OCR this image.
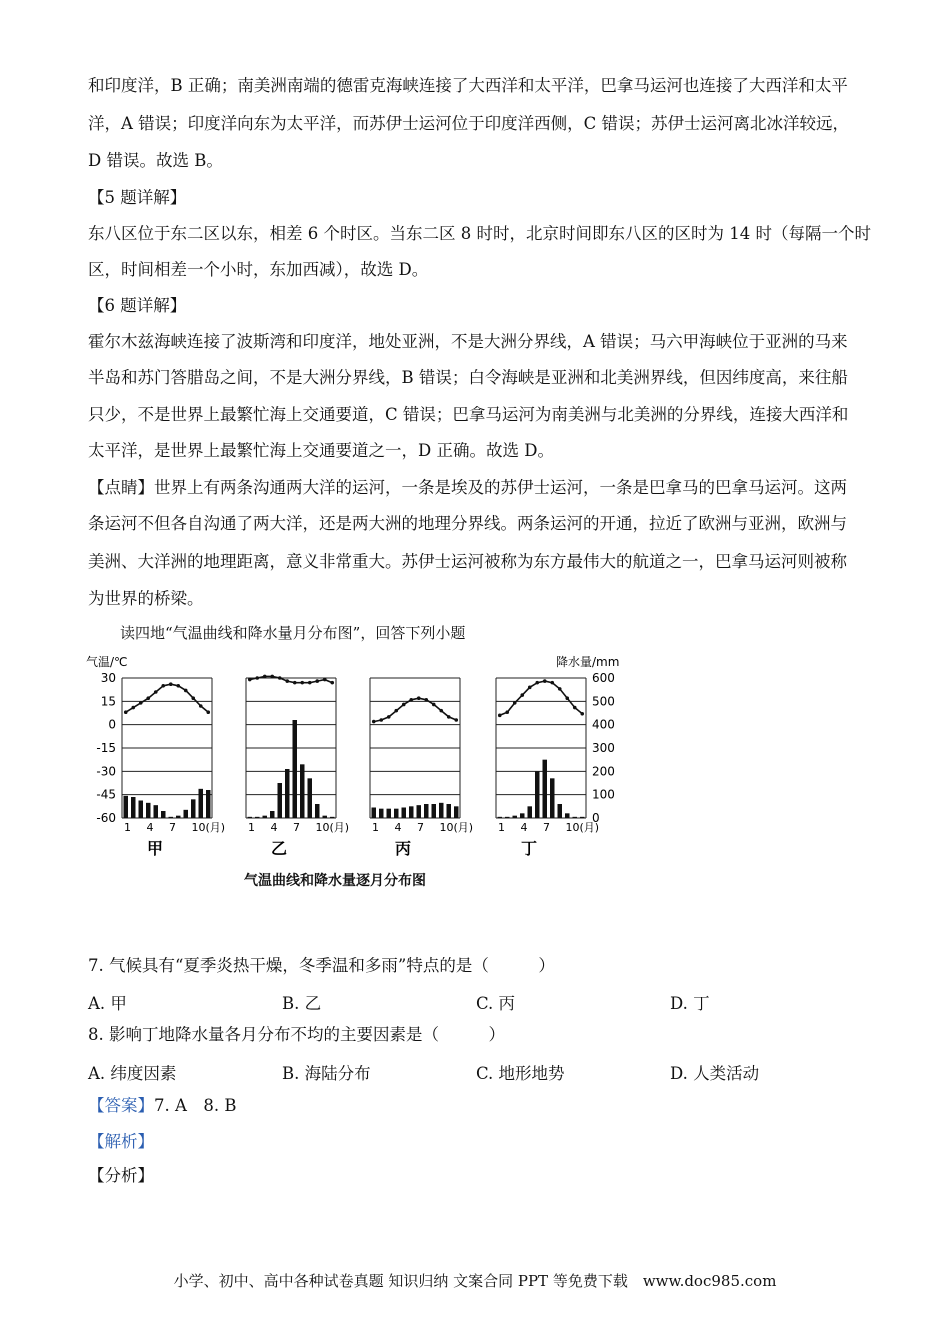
和印度洋，B 正确；南美洲南端的德雷克海峡连接了大西洋和太平洋，巴拿马运河也连接了大西洋和太平
洋，A 错误；印度洋向东为太平洋，而苏伊士运河位于印度洋西侧，C 错误；苏伊士运河离北冰洋较远，
D 错误。故选 B。
【5 题详解】
东八区位于东二区以东，相差 6 个时区。当东二区 8 时时，北京时间即东八区的区时为 14 时（每隔一个时
区，时间相差一个小时，东加西减），故选 D。
【6 题详解】
霍尔木兹海峡连接了波斯湾和印度洋，地处亚洲，不是大洲分界线，A 错误；马六甲海峡位于亚洲的马来
半岛和苏门答腊岛之间，不是大洲分界线，B 错误；白令海峡是亚洲和北美洲界线，但因纬度高，来往船
只少，不是世界上最繁忙海上交通要道，C 错误；巴拿马运河为南美洲与北美洲的分界线，连接大西洋和
太平洋，是世界上最繁忙海上交通要道之一，D 正确。故选 D。
【点睛】世界上有两条沟通两大洋的运河，一条是埃及的苏伊士运河，一条是巴拿马的巴拿马运河。这两
条运河不但各自沟通了两大洋，还是两大洲的地理分界线。两条运河的开通，拉近了欧洲与亚洲，欧洲与
美洲、大洋洲的地理距离，意义非常重大。苏伊士运河被称为东方最伟大的航道之一，巴拿马运河则被称
为世界的桥梁。
读四地“气温曲线和降水量月分布图”，回答下列小题
气温/℃	降水量/mm
30
15
0
-15
-30
-45
-60
600
500
400
300
200
100
0
1 4 7 10(月)
甲
1 4 7 10(月)
乙
1 4 7 10(月)
丙
1 4 7 10(月)
丁
气温曲线和降水量逐月分布图
7. 气候具有“夏季炎热干燥，冬季温和多雨”特点的是（　　　）
A. 甲	B. 乙	C. 丙	D. 丁
8. 影响丁地降水量各月分布不均的主要因素是（　　　）
A. 纬度因素	B. 海陆分布	C. 地形地势	D. 人类活动
【答案】7. A　8. B
【解析】
【分析】
小学、初中、高中各种试卷真题 知识归纳 文案合同 PPT 等免费下载　www.doc985.com
